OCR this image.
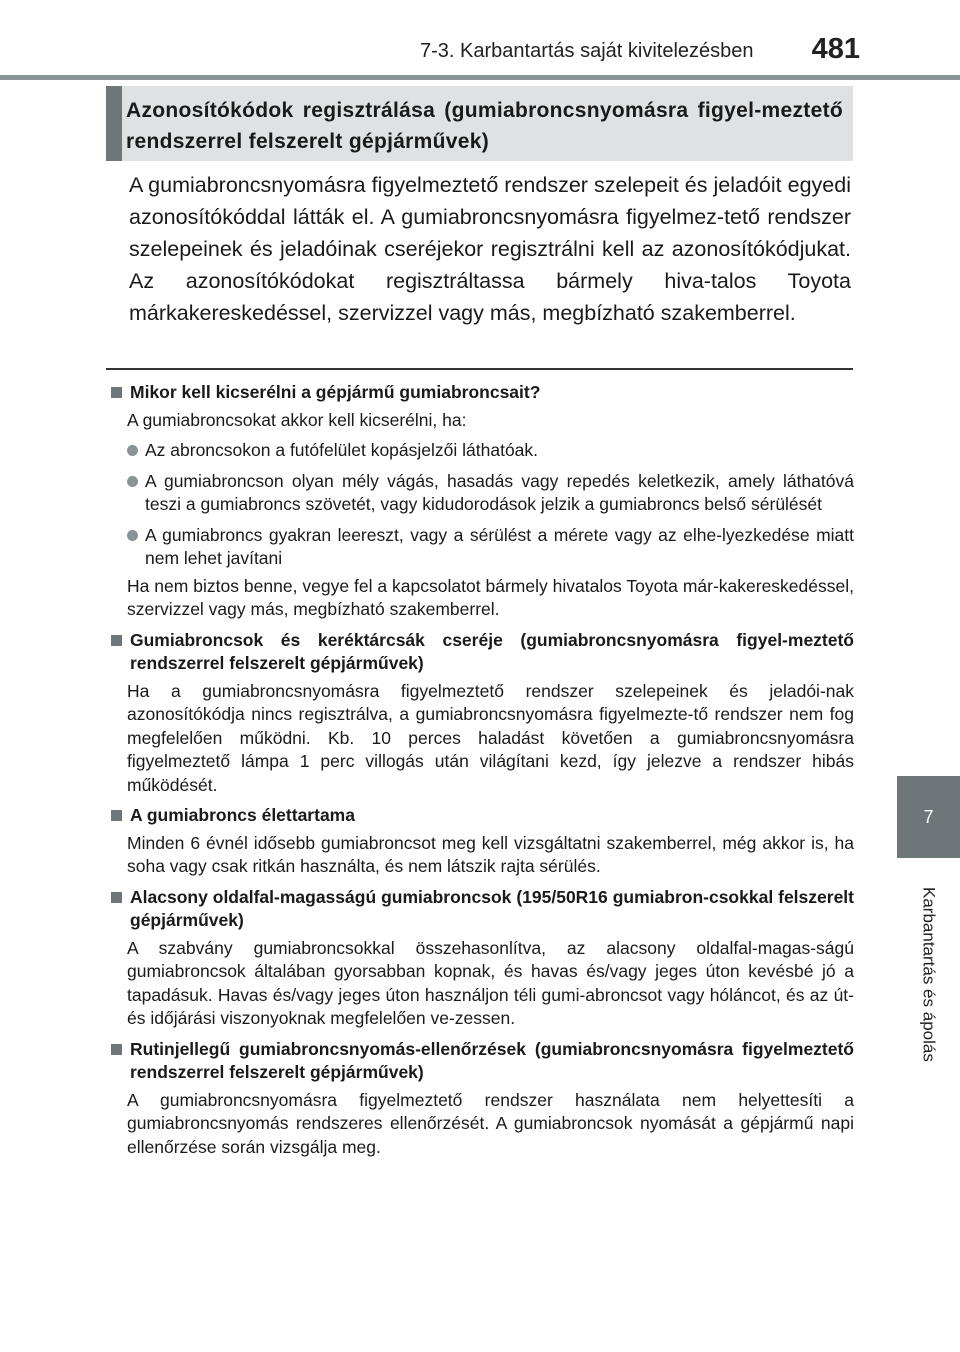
7-3. Karbantartás saját kivitelezésben	481
7
Karbantartás és ápolás
Azonosítókódok regisztrálása (gumiabroncsnyomásra figyel-meztető rendszerrel felszerelt gépjárművek)
A gumiabroncsnyomásra figyelmeztető rendszer szelepeit és jeladóit egyedi azonosítókóddal látták el. A gumiabroncsnyomásra figyelmez-tető rendszer szelepeinek és jeladóinak cseréjekor regisztrálni kell az azonosítókódjukat. Az azonosítókódokat regisztráltassa bármely hiva-talos Toyota márkakereskedéssel, szervizzel vagy más, megbízható szakemberrel.
Mikor kell kicserélni a gépjármű gumiabroncsait?
A gumiabroncsokat akkor kell kicserélni, ha:
Az abroncsokon a futófelület kopásjelzői láthatóak.
A gumiabroncson olyan mély vágás, hasadás vagy repedés keletkezik, amely láthatóvá teszi a gumiabroncs szövetét, vagy kidudorodások jelzik a gumiabroncs belső sérülését
A gumiabroncs gyakran leereszt, vagy a sérülést a mérete vagy az elhe-lyezkedése miatt nem lehet javítani
Ha nem biztos benne, vegye fel a kapcsolatot bármely hivatalos Toyota már-kakereskedéssel, szervizzel vagy más, megbízható szakemberrel.
Gumiabroncsok és keréktárcsák cseréje (gumiabroncsnyomásra figyel-meztető rendszerrel felszerelt gépjárművek)
Ha a gumiabroncsnyomásra figyelmeztető rendszer szelepeinek és jeladói-nak azonosítókódja nincs regisztrálva, a gumiabroncsnyomásra figyelmezte-tő rendszer nem fog megfelelően működni. Kb. 10 perces haladást követően a gumiabroncsnyomásra figyelmeztető lámpa 1 perc villogás után világítani kezd, így jelezve a rendszer hibás működését.
A gumiabroncs élettartama
Minden 6 évnél idősebb gumiabroncsot meg kell vizsgáltatni szakemberrel, még akkor is, ha soha vagy csak ritkán használta, és nem látszik rajta sérülés.
Alacsony oldalfal-magasságú gumiabroncsok (195/50R16 gumiabron-csokkal felszerelt gépjárművek)
A szabvány gumiabroncsokkal összehasonlítva, az alacsony oldalfal-magas-ságú gumiabroncsok általában gyorsabban kopnak, és havas és/vagy jeges úton kevésbé jó a tapadásuk. Havas és/vagy jeges úton használjon téli gumi-abroncsot vagy hóláncot, és az út- és időjárási viszonyoknak megfelelően ve-zessen.
Rutinjellegű gumiabroncsnyomás-ellenőrzések (gumiabroncsnyomásra figyelmeztető rendszerrel felszerelt gépjárművek)
A gumiabroncsnyomásra figyelmeztető rendszer használata nem helyettesíti a gumiabroncsnyomás rendszeres ellenőrzését. A gumiabroncsok nyomását a gépjármű napi ellenőrzése során vizsgálja meg.
